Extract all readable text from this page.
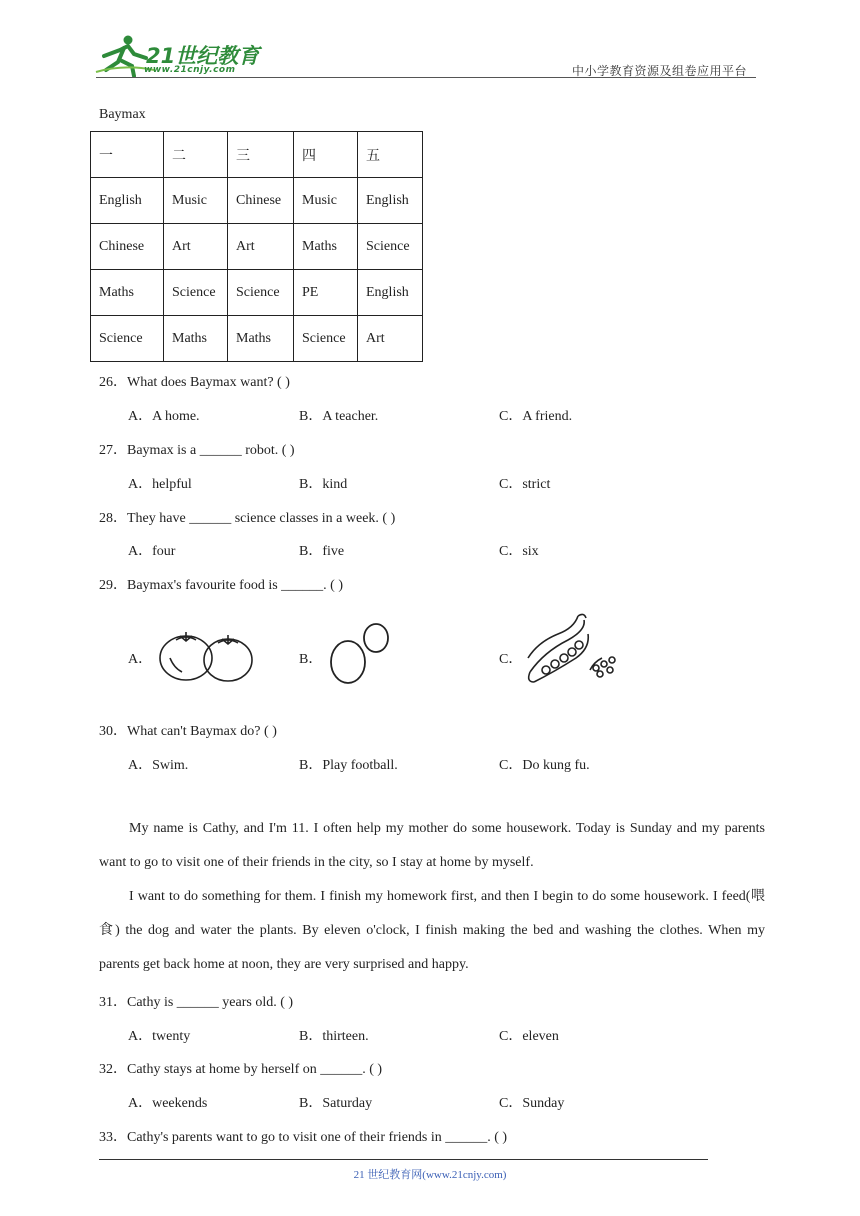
21世纪教育
www.21cnjy.com	中小学教育资源及组卷应用平台
Baymax
一	二	三	四	五
English	Music	Chinese	Music	English
Chinese	Art	Art	Maths	Science
Maths	Science	Science	PE	English
Science	Maths	Maths	Science	Art
26．What does Baymax want? ( )
A．A home.	B．A teacher.	C．A friend.
27．Baymax is a ______ robot. ( )
A．helpful	B．kind	C．strict
28．They have ______ science classes in a week. ( )
A．four	B．five	C．six
29．Baymax's favourite food is ______. ( )
A．	B．	C．
30．What can't Baymax do? ( )
A．Swim.	B．Play football.	C．Do kung fu.
My name is Cathy, and I'm 11. I often help my mother do some housework. Today is Sunday and my parents want to go to visit one of their friends in the city, so I stay at home by myself.
I want to do something for them. I finish my homework first, and then I begin to do some housework. I feed(喂食) the dog and water the plants. By eleven o'clock, I finish making the bed and washing the clothes. When my parents get back home at noon, they are very surprised and happy.
31．Cathy is ______ years old. ( )
A．twenty	B．thirteen.	C．eleven
32．Cathy stays at home by herself on ______. ( )
A．weekends	B．Saturday	C．Sunday
33．Cathy's parents want to go to visit one of their friends in ______. ( )
21 世纪教育网(www.21cnjy.com)
